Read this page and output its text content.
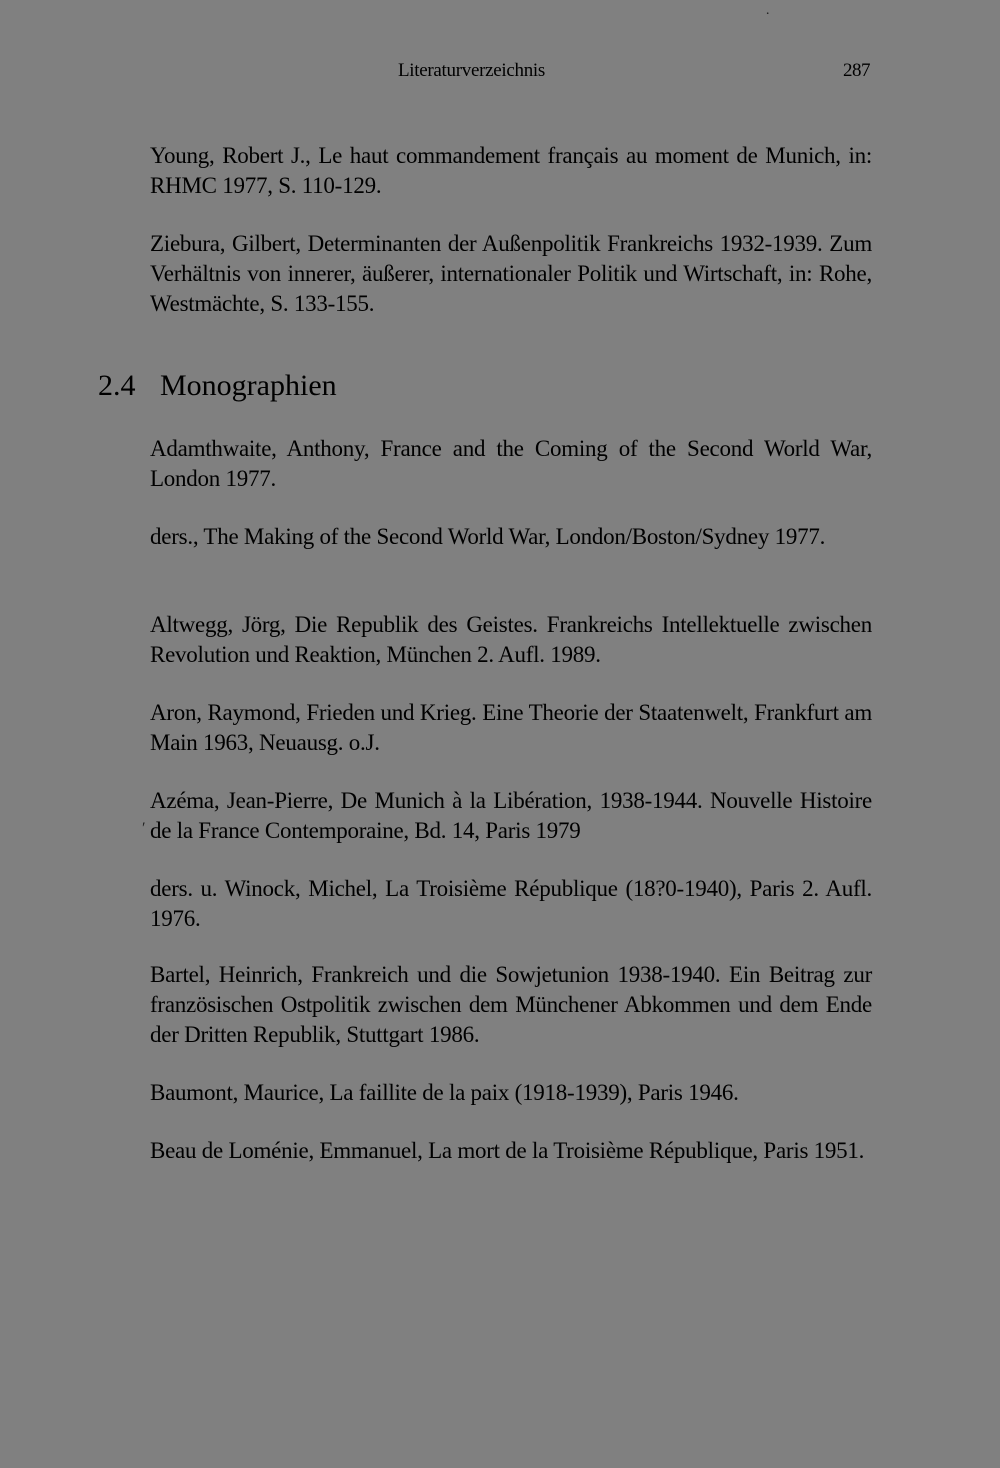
Literaturverzeichnis	287
Young, Robert J., Le haut commandement français au moment de Munich, in: RHMC 1977, S. 110-129.
Ziebura, Gilbert, Determinanten der Außenpolitik Frankreichs 1932-1939. Zum Verhältnis von innerer, äußerer, internationaler Politik und Wirtschaft, in: Rohe, Westmächte, S. 133-155.
2.4 Monographien
Adamthwaite, Anthony, France and the Coming of the Second World War, London 1977.
ders., The Making of the Second World War, London/Boston/Sydney 1977.
Altwegg, Jörg, Die Republik des Geistes. Frankreichs Intellektuelle zwischen Revolution und Reaktion, München 2. Aufl. 1989.
Aron, Raymond, Frieden und Krieg. Eine Theorie der Staatenwelt, Frankfurt am Main 1963, Neuausg. o.J.
Azéma, Jean-Pierre, De Munich à la Libération, 1938-1944. Nouvelle Histoire de la France Contemporaine, Bd. 14, Paris 1979
ders. u. Winock, Michel, La Troisième République (18?0-1940), Paris 2. Aufl. 1976.
Bartel, Heinrich, Frankreich und die Sowjetunion 1938-1940. Ein Beitrag zur französischen Ostpolitik zwischen dem Münchener Abkommen und dem Ende der Dritten Republik, Stuttgart 1986.
Baumont, Maurice, La faillite de la paix (1918-1939), Paris 1946.
Beau de Loménie, Emmanuel, La mort de la Troisième République, Paris 1951.
′
˙
